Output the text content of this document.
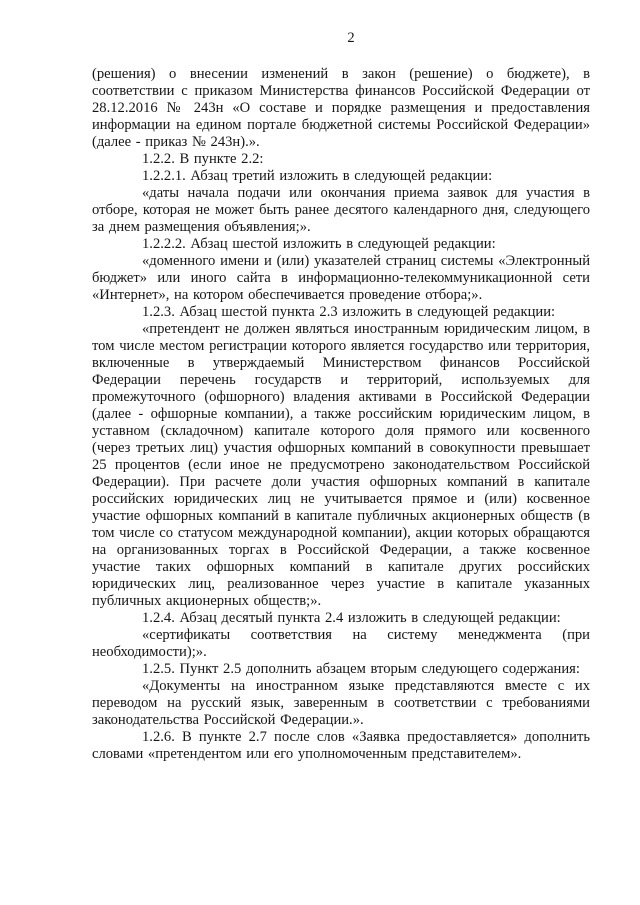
2

(решения) о внесении изменений в закон (решение) о бюджете), в соответствии с приказом Министерства финансов Российской Федерации от 28.12.2016 № 243н «О составе и порядке размещения и предоставления информации на едином портале бюджетной системы Российской Федерации» (далее - приказ № 243н).».

1.2.2. В пункте 2.2:

1.2.2.1. Абзац третий изложить в следующей редакции:

«даты начала подачи или окончания приема заявок для участия в отборе, которая не может быть ранее десятого календарного дня, следующего за днем размещения объявления;».

1.2.2.2. Абзац шестой изложить в следующей редакции:

«доменного имени и (или) указателей страниц системы «Электронный бюджет» или иного сайта в информационно-телекоммуникационной сети «Интернет», на котором обеспечивается проведение отбора;».

1.2.3. Абзац шестой пункта 2.3 изложить в следующей редакции:

«претендент не должен являться иностранным юридическим лицом, в том числе местом регистрации которого является государство или территория, включенные в утверждаемый Министерством финансов Российской Федерации перечень государств и территорий, используемых для промежуточного (офшорного) владения активами в Российской Федерации (далее - офшорные компании), а также российским юридическим лицом, в уставном (складочном) капитале которого доля прямого или косвенного (через третьих лиц) участия офшорных компаний в совокупности превышает 25 процентов (если иное не предусмотрено законодательством Российской Федерации). При расчете доли участия офшорных компаний в капитале российских юридических лиц не учитывается прямое и (или) косвенное участие офшорных компаний в капитале публичных акционерных обществ (в том числе со статусом международной компании), акции которых обращаются на организованных торгах в Российской Федерации, а также косвенное участие таких офшорных компаний в капитале других российских юридических лиц, реализованное через участие в капитале указанных публичных акционерных обществ;».

1.2.4. Абзац десятый пункта 2.4 изложить в следующей редакции:

«сертификаты соответствия на систему менеджмента (при необходимости);».

1.2.5. Пункт 2.5 дополнить абзацем вторым следующего содержания:

«Документы на иностранном языке представляются вместе с их переводом на русский язык, заверенным в соответствии с требованиями законодательства Российской Федерации.».

1.2.6. В пункте 2.7 после слов «Заявка предоставляется» дополнить словами «претендентом или его уполномоченным представителем».
